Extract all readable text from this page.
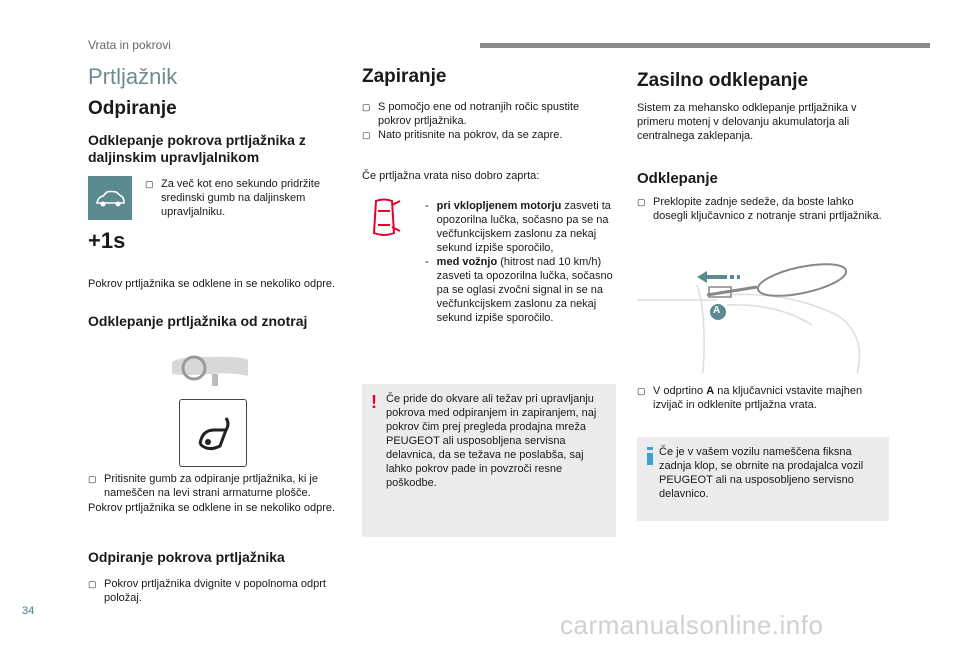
Vrata in pokrovi
Prtljažnik
Odpiranje
Odklepanje pokrova prtljažnika z daljinskim upravljalnikom
+1s
▢ Za več kot eno sekundo pridržite sredinski gumb na daljinskem upravljalniku.
Pokrov prtljažnika se odklene in se nekoliko odpre.
Odklepanje prtljažnika od znotraj
▢ Pritisnite gumb za odpiranje prtljažnika, ki je nameščen na levi strani armaturne plošče.
Pokrov prtljažnika se odklene in se nekoliko odpre.
Odpiranje pokrova prtljažnika
▢ Pokrov prtljažnika dvignite v popolnoma odprt položaj.
Zapiranje
▢ S pomočjo ene od notranjih ročic spustite pokrov prtljažnika.
▢ Nato pritisnite na pokrov, da se zapre.
Če prtljažna vrata niso dobro zaprta:
- pri vklopljenem motorju zasveti ta opozorilna lučka, sočasno pa se na večfunkcijskem zaslonu za nekaj sekund izpiše sporočilo,
- med vožnjo (hitrost nad 10 km/h) zasveti ta opozorilna lučka, sočasno pa se oglasi zvočni signal in se na večfunkcijskem zaslonu za nekaj sekund izpiše sporočilo.
! Če pride do okvare ali težav pri upravljanju pokrova med odpiranjem in zapiranjem, naj pokrov čim prej pregleda prodajna mreža PEUGEOT ali usposobljena servisna delavnica, da se težava ne poslabša, saj lahko pokrov pade in povzroči resne poškodbe.
Zasilno odklepanje
Sistem za mehansko odklepanje prtljažnika v primeru motenj v delovanju akumulatorja ali centralnega zaklepanja.
Odklepanje
▢ Preklopite zadnje sedeže, da boste lahko dosegli ključavnico z notranje strani prtljažnika.
A
▢ V odprtino A na ključavnici vstavite majhen izvijač in odklenite prtljažna vrata.
Če je v vašem vozilu nameščena fiksna zadnja klop, se obrnite na prodajalca vozil PEUGEOT ali na usposobljeno servisno delavnico.
34	carmanualsonline.info
